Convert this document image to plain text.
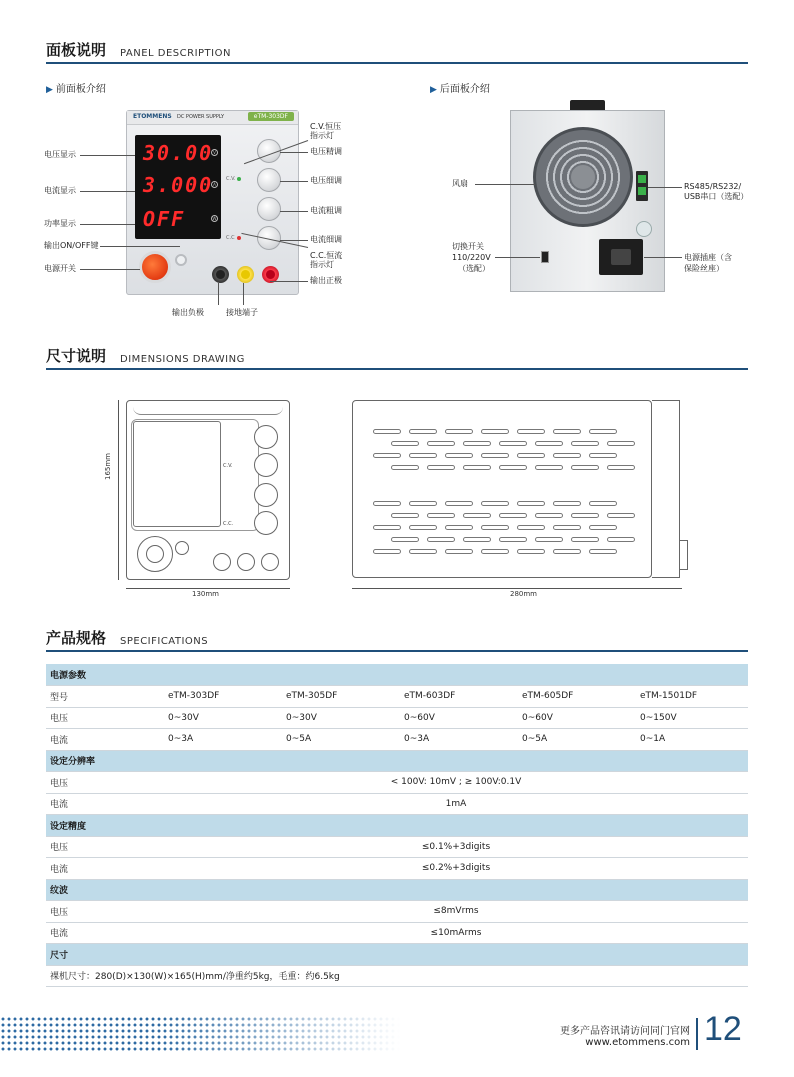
面板说明 PANEL DESCRIPTION
▶ 前面板介绍	▶ 后面板介绍
ETOMMENS DC POWER SUPPLY	eTM-303DF
30.00
3.000
OFF
V
A
W
C.V.
C.C
电压显示
电流显示
功率显示
输出ON/OFF键
电源开关
C.V.恒压
指示灯
电压精调
电压细调
电流粗调
电流细调
C.C.恒流
指示灯
输出正极
输出负极	接地端子
风扇	RS485/RS232/
USB串口（选配）
切换开关
110/220V
（选配）
电源插座（含
保险丝座）
尺寸说明 DIMENSIONS DRAWING
C.V.
C.C.
165mm
130mm	280mm
产品规格 SPECIFICATIONS
电源参数					
型号	eTM-303DF	eTM-305DF	eTM-603DF	eTM-605DF	eTM-1501DF
电压	0~30V	0~30V	0~60V	0~60V	0~150V
电流	0~3A	0~5A	0~3A	0~5A	0~1A
设定分辨率					
电压	< 100V: 10mV ; ≥ 100V:0.1V				
电流	1mA				
设定精度					
电压	≤0.1%+3digits				
电流	≤0.2%+3digits				
纹波					
电压	≤8mVrms				
电流	≤10mArms				
尺寸					
裸机尺寸：280(D)×130(W)×165(H)mm/净重约5kg，毛重：约6.5kg					
更多产品咨讯请访问同门官网
www.etommens.com 12
